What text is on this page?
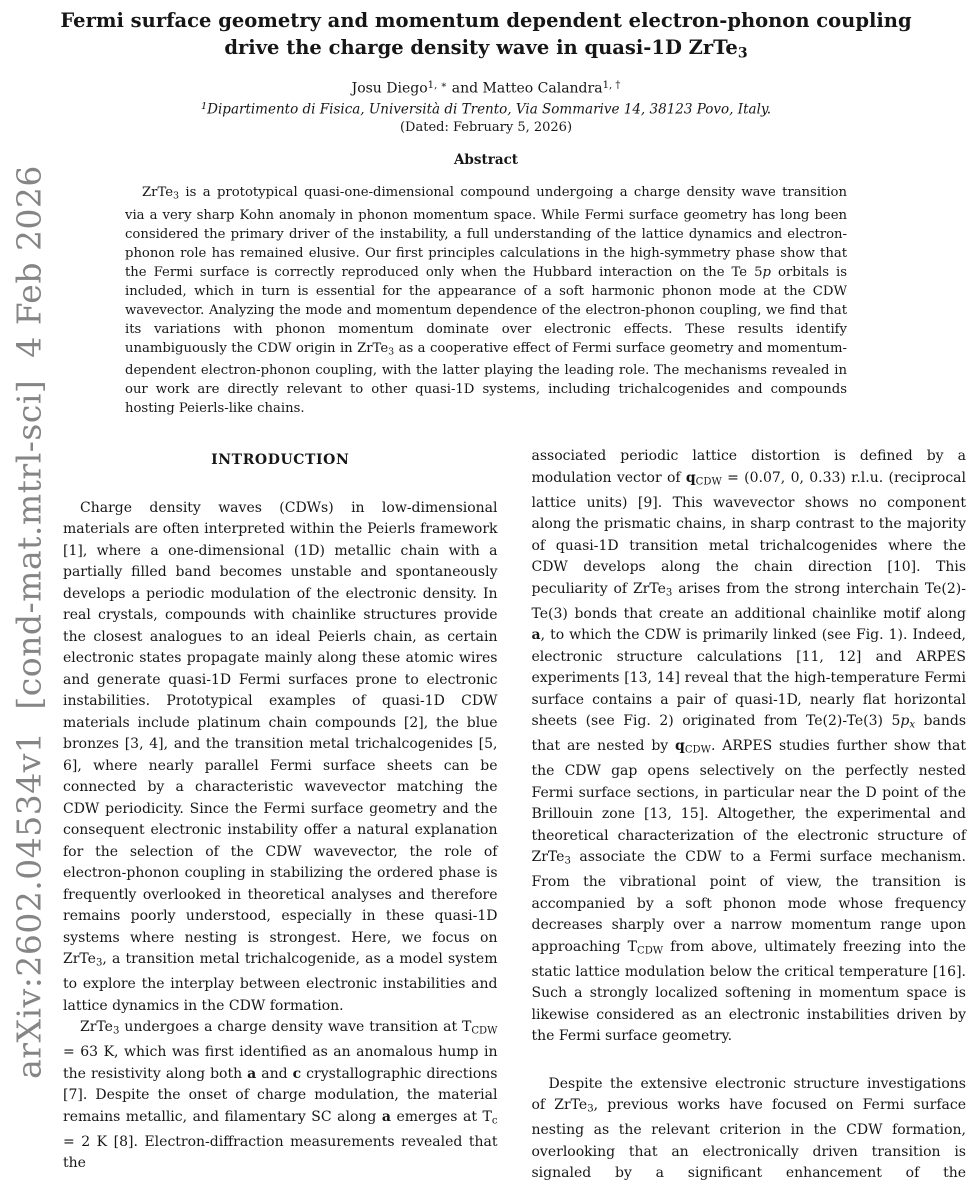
arXiv:2602.04534v1  [cond-mat.mtrl-sci]  4 Feb 2026
Fermi surface geometry and momentum dependent electron-phonon coupling
drive the charge density wave in quasi-1D ZrTe$_3$
Josu Diego$^{1, ∗}$ and Matteo Calandra$^{1, \dagger}$
$^1$Dipartimento di Fisica, Università di Trento, Via Sommarive 14, 38123 Povo, Italy.
(Dated: February 5, 2026)
Abstract

ZrTe$_3$ is a prototypical quasi-one-dimensional compound undergoing a charge density wave transition via a very sharp Kohn anomaly in phonon momentum space. While Fermi surface geometry has long been considered the primary driver of the instability, a full understanding of the lattice dynamics and electron-phonon role has remained elusive. Our first principles calculations in the high-symmetry phase show that the Fermi surface is correctly reproduced only when the Hubbard interaction on the Te 5p orbitals is included, which in turn is essential for the appearance of a soft harmonic phonon mode at the CDW wavevector. Analyzing the mode and momentum dependence of the electron-phonon coupling, we find that its variations with phonon momentum dominate over electronic effects. These results identify unambiguously the CDW origin in ZrTe$_3$ as a cooperative effect of Fermi surface geometry and momentum-dependent electron-phonon coupling, with the latter playing the leading role. The mechanisms revealed in our work are directly relevant to other quasi-1D systems, including trichalcogenides and compounds hosting Peierls-like chains.

INTRODUCTION

Charge density waves (CDWs) in low-dimensional materials are often interpreted within the Peierls framework [1], where a one-dimensional (1D) metallic chain with a partially filled band becomes unstable and spontaneously develops a periodic modulation of the electronic density. In real crystals, compounds with chainlike structures provide the closest analogues to an ideal Peierls chain, as certain electronic states propagate mainly along these atomic wires and generate quasi-1D Fermi surfaces prone to electronic instabilities. Prototypical examples of quasi-1D CDW materials include platinum chain compounds [2], the blue bronzes [3, 4], and the transition metal trichalcogenides [5, 6], where nearly parallel Fermi surface sheets can be connected by a characteristic wavevector matching the CDW periodicity. Since the Fermi surface geometry and the consequent electronic instability offer a natural explanation for the selection of the CDW wavevector, the role of electron-phonon coupling in stabilizing the ordered phase is frequently overlooked in theoretical analyses and therefore remains poorly understood, especially in these quasi-1D systems where nesting is strongest. Here, we focus on ZrTe$_3$, a transition metal trichalcogenide, as a model system to explore the interplay between electronic instabilities and lattice dynamics in the CDW formation.

ZrTe$_3$ undergoes a charge density wave transition at $T_{CDW} = 63$ K, which was first identified as an anomalous hump in the resistivity along both a and c crystallographic directions [7]. Despite the onset of charge modulation, the material remains metallic, and filamentary SC along a emerges at $T_c = 2$ K [8]. Electron-diffraction measurements revealed that the

associated periodic lattice distortion is defined by a modulation vector of $q_{CDW} = (0.07$, 0, 0.33) r.l.u. (reciprocal lattice units) [9]. This wavevector shows no component along the prismatic chains, in sharp contrast to the majority of quasi-1D transition metal trichalcogenides where the CDW develops along the chain direction [10]. This peculiarity of ZrTe$_3$ arises from the strong interchain Te(2)-Te(3) bonds that create an additional chainlike motif along a, to which the CDW is primarily linked (see Fig. 1). Indeed, electronic structure calculations [11, 12] and ARPES experiments [13, 14] reveal that the high-temperature Fermi surface contains a pair of quasi-1D, nearly flat horizontal sheets (see Fig. 2) originated from Te(2)-Te(3) $5p_x$ bands that are nested by $q_{CDW}$. ARPES studies further show that the CDW gap opens selectively on the perfectly nested Fermi surface sections, in particular near the D point of the Brillouin zone [13, 15]. Altogether, the experimental and theoretical characterization of the electronic structure of ZrTe$_3$ associate the CDW to a Fermi surface mechanism. From the vibrational point of view, the transition is accompanied by a soft phonon mode whose frequency decreases sharply over a narrow momentum range upon approaching $T_{CDW}$ from above, ultimately freezing into the static lattice modulation below the critical temperature [16]. Such a strongly localized softening in momentum space is likewise considered as an electronic instabilities driven by the Fermi surface geometry.

Despite the extensive electronic structure investigations of ZrTe$_3$, previous works have focused on Fermi surface nesting as the relevant criterion in the CDW formation, overlooking that an electronically driven transition is signaled by a significant enhancement of the
